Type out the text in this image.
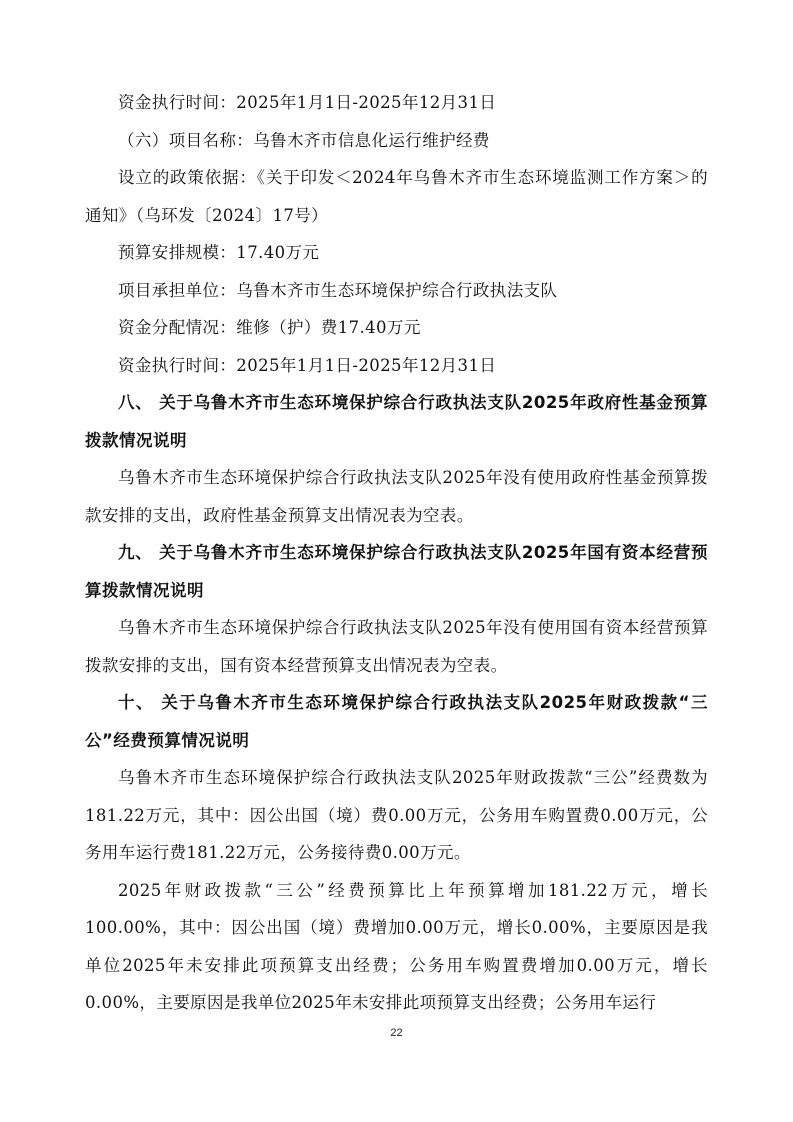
资金执行时间：2025年1月1日-2025年12月31日

（六）项目名称：乌鲁木齐市信息化运行维护经费

设立的政策依据：《关于印发＜2024年乌鲁木齐市生态环境监测工作方案＞的通知》（乌环发〔2024〕17号）

预算安排规模：17.40万元

项目承担单位：乌鲁木齐市生态环境保护综合行政执法支队

资金分配情况：维修（护）费17.40万元

资金执行时间：2025年1月1日-2025年12月31日

八、 关于乌鲁木齐市生态环境保护综合行政执法支队2025年政府性基金预算拨款情况说明

乌鲁木齐市生态环境保护综合行政执法支队2025年没有使用政府性基金预算拨款安排的支出，政府性基金预算支出情况表为空表。

九、 关于乌鲁木齐市生态环境保护综合行政执法支队2025年国有资本经营预算拨款情况说明

乌鲁木齐市生态环境保护综合行政执法支队2025年没有使用国有资本经营预算拨款安排的支出，国有资本经营预算支出情况表为空表。

十、 关于乌鲁木齐市生态环境保护综合行政执法支队2025年财政拨款“三公”经费预算情况说明

乌鲁木齐市生态环境保护综合行政执法支队2025年财政拨款“三公”经费数为181.22万元，其中：因公出国（境）费0.00万元，公务用车购置费0.00万元，公务用车运行费181.22万元，公务接待费0.00万元。

2025年财政拨款“三公”经费预算比上年预算增加181.22万元，增长100.00%，其中：因公出国（境）费增加0.00万元，增长0.00%，主要原因是我单位2025年未安排此项预算支出经费；公务用车购置费增加0.00万元，增长0.00%，主要原因是我单位2025年未安排此项预算支出经费；公务用车运行

22
